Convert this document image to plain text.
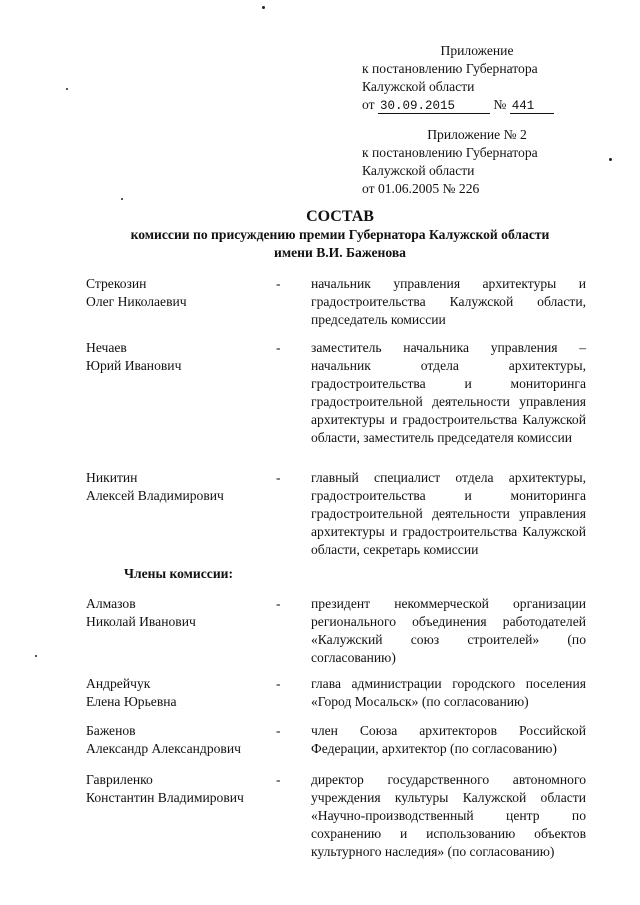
Приложение
к постановлению Губернатора
Калужской области
от 30.09.2015	№ 441
Приложение № 2
к постановлению Губернатора
Калужской области
от 01.06.2005 № 226
СОСТАВ
комиссии по присуждению премии Губернатора Калужской области
имени В.И. Баженова
Стрекозин
Олег Николаевич
-	начальник управления архитектуры и градостроительства Калужской области, председатель комиссии
Нечаев
Юрий Иванович
-	заместитель начальника управления – начальник отдела архитектуры, градостроительства и мониторинга градостроительной деятельности управления архитектуры и градостроительства Калужской области, заместитель председателя комиссии
Никитин
Алексей Владимирович
-	главный специалист отдела архитектуры, градостроительства и мониторинга градостроительной деятельности управления архитектуры и градостроительства Калужской области, секретарь комиссии
Члены комиссии:
Алмазов
Николай Иванович
-	президент некоммерческой организации регионального объединения работодателей «Калужский союз строителей» (по согласованию)
Андрейчук
Елена Юрьевна
-	глава администрации городского поселения «Город Мосальск» (по согласованию)
Баженов
Александр Александрович
-	член Союза архитекторов Российской Федерации, архитектор (по согласованию)
Гавриленко
Константин Владимирович
-	директор государственного автономного учреждения культуры Калужской области «Научно-производственный центр по сохранению и использованию объектов культурного наследия» (по согласованию)
